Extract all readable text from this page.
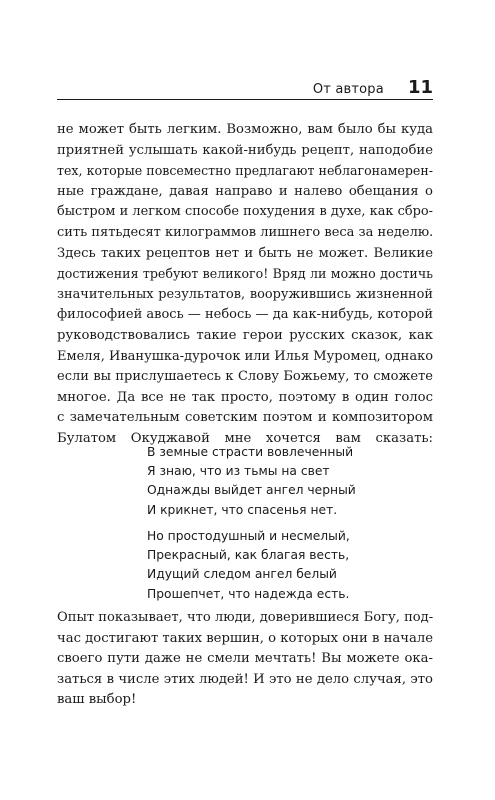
От автора 11
не может быть легким. Возможно, вам было бы куда
приятней услышать какой-нибудь рецепт, наподобие
тех, которые повсеместно предлагают неблагонамерен-
ные граждане, давая направо и налево обещания о
быстром и легком способе похудения в духе, как сбро-
сить пятьдесят килограммов лишнего веса за неделю.
Здесь таких рецептов нет и быть не может. Великие
достижения требуют великого! Вряд ли можно достичь
значительных результатов, вооружившись жизненной
философией авось — небось — да как-нибудь, которой
руководствовались такие герои русских сказок, как
Емеля, Иванушка-дурочок или Илья Муромец, однако
если вы прислушаетесь к Слову Божьему, то сможете
многое. Да все не так просто, поэтому в один голос
с замечательным советским поэтом и композитором
Булатом Окуджавой мне хочется вам сказать:
В земные страсти вовлеченный
Я знаю, что из тьмы на свет
Однажды выйдет ангел черный
И крикнет, что спасенья нет.
Но простодушный и несмелый,
Прекрасный, как благая весть,
Идущий следом ангел белый
Прошепчет, что надежда есть.
Опыт показывает, что люди, доверившиеся Богу, под-
час достигают таких вершин, о которых они в начале
своего пути даже не смели мечтать! Вы можете ока-
заться в числе этих людей! И это не дело случая, это
ваш выбор!
